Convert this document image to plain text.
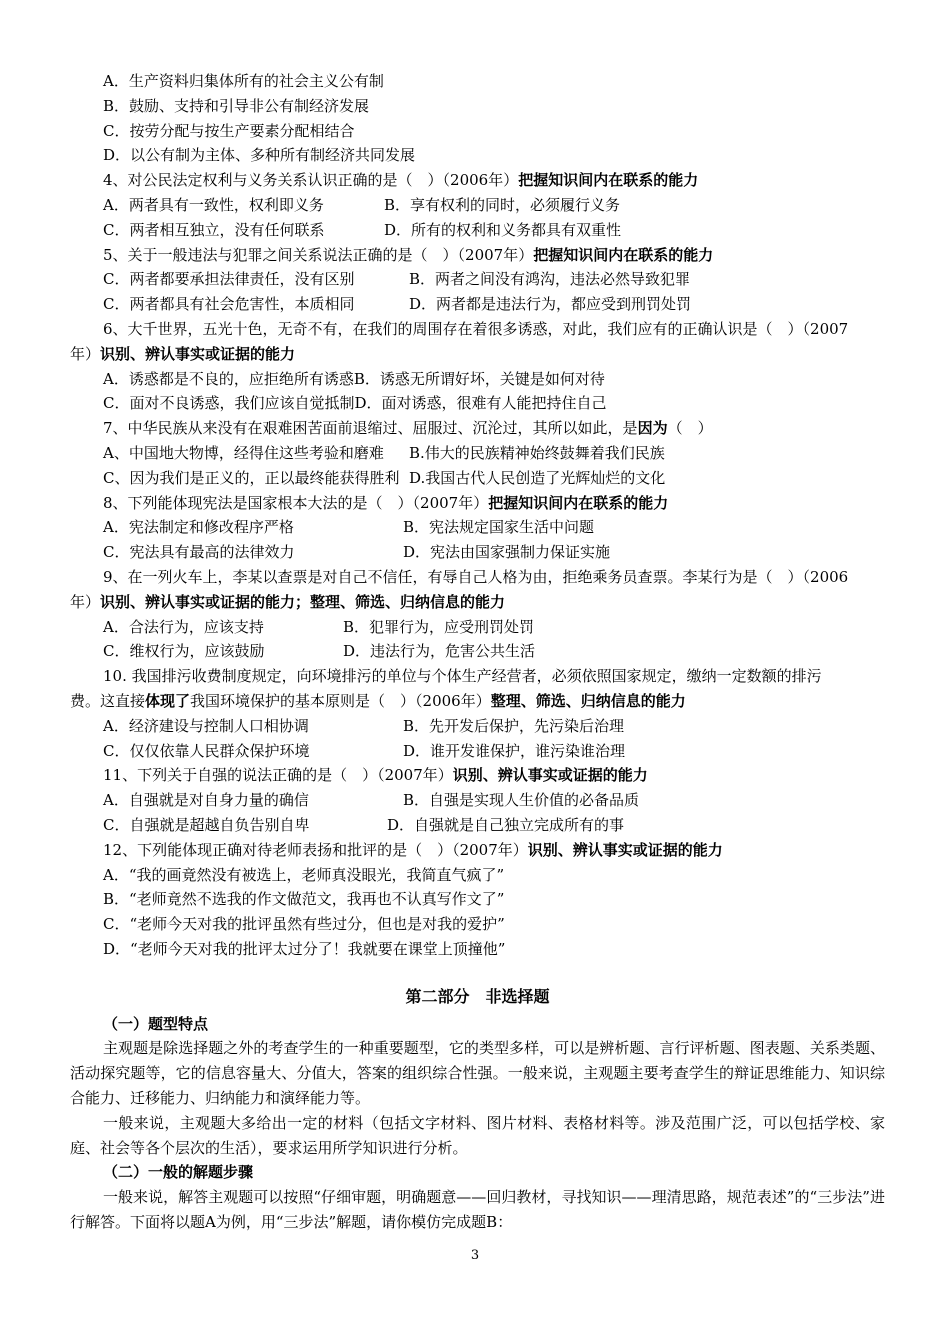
A．生产资料归集体所有的社会主义公有制
B．鼓励、支持和引导非公有制经济发展
C．按劳分配与按生产要素分配相结合
D．以公有制为主体、多种所有制经济共同发展
4、对公民法定权利与义务关系认识正确的是（　）（2006年）把握知识间内在联系的能力
A．两者具有一致性，权利即义务	B．享有权利的同时，必须履行义务
C．两者相互独立，没有任何联系	D．所有的权利和义务都具有双重性
5、关于一般违法与犯罪之间关系说法正确的是（　）（2007年）把握知识间内在联系的能力
C．两者都要承担法律责任，没有区别	B．两者之间没有鸿沟，违法必然导致犯罪
C．两者都具有社会危害性，本质相同	D．两者都是违法行为，都应受到刑罚处罚
6、大千世界，五光十色，无奇不有，在我们的周围存在着很多诱惑，对此，我们应有的正确认识是（　）（2007
年）识别、辨认事实或证据的能力
A．诱惑都是不良的，应拒绝所有诱惑B．诱惑无所谓好坏，关键是如何对待
C．面对不良诱惑，我们应该自觉抵制D．面对诱惑，很难有人能把持住自己
7、中华民族从来没有在艰难困苦面前退缩过、屈服过、沉沦过，其所以如此，是因为（　）
A、中国地大物博，经得住这些考验和磨难 B.伟大的民族精神始终鼓舞着我们民族
C、因为我们是正义的，正以最终能获得胜利 D.我国古代人民创造了光辉灿烂的文化
8、下列能体现宪法是国家根本大法的是（　）（2007年）把握知识间内在联系的能力
A．宪法制定和修改程序严格	B．宪法规定国家生活中问题
C．宪法具有最高的法律效力	D．宪法由国家强制力保证实施
9、在一列火车上，李某以查票是对自己不信任，有辱自己人格为由，拒绝乘务员查票。李某行为是（　）（2006
年）识别、辨认事实或证据的能力；整理、筛选、归纳信息的能力
A．合法行为，应该支持	B．犯罪行为，应受刑罚处罚
C．维权行为，应该鼓励	D．违法行为，危害公共生活
10. 我国排污收费制度规定，向环境排污的单位与个体生产经营者，必须依照国家规定，缴纳一定数额的排污
费。这直接体现了我国环境保护的基本原则是（　）（2006年）整理、筛选、归纳信息的能力
A．经济建设与控制人口相协调	B．先开发后保护，先污染后治理
C．仅仅依靠人民群众保护环境	D．谁开发谁保护，谁污染谁治理
11、下列关于自强的说法正确的是（　）（2007年）识别、辨认事实或证据的能力
A．自强就是对自身力量的确信	B．自强是实现人生价值的必备品质
C．自强就是超越自负告别自卑	D．自强就是自己独立完成所有的事
12、下列能体现正确对待老师表扬和批评的是（　）（2007年）识别、辨认事实或证据的能力
A．“我的画竟然没有被选上，老师真没眼光，我简直气疯了”
B．“老师竟然不选我的作文做范文，我再也不认真写作文了”
C．“老师今天对我的批评虽然有些过分，但也是对我的爱护”
D．“老师今天对我的批评太过分了！我就要在课堂上顶撞他”
第二部分　非选择题
（一）题型特点
主观题是除选择题之外的考查学生的一种重要题型，它的类型多样，可以是辨析题、言行评析题、图表题、关系类题、活动探究题等，它的信息容量大、分值大，答案的组织综合性强。一般来说，主观题主要考查学生的辩证思维能力、知识综合能力、迁移能力、归纳能力和演绎能力等。
一般来说，主观题大多给出一定的材料（包括文字材料、图片材料、表格材料等。涉及范围广泛，可以包括学校、家庭、社会等各个层次的生活），要求运用所学知识进行分析。
（二）一般的解题步骤
一般来说，解答主观题可以按照“仔细审题，明确题意——回归教材，寻找知识——理清思路，规范表述”的“三步法”进行解答。下面将以题A为例，用“三步法”解题，请你模仿完成题B：
3
